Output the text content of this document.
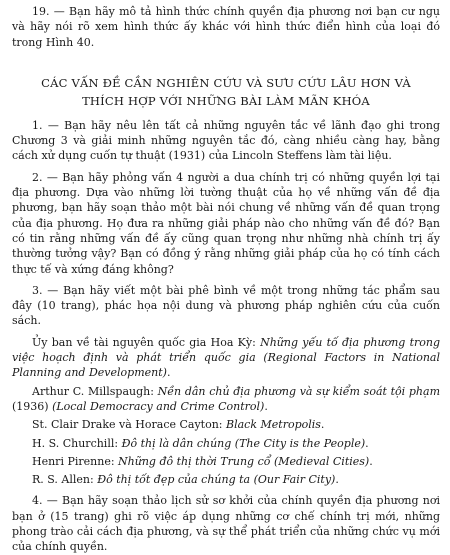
19. — Bạn hãy mô tả hình thức chính quyền địa phương nơi bạn cư ngụ và hãy nói rõ xem hình thức ấy khác với hình thức điển hình của loại đó trong Hình 40.

CÁC VẤN ĐỀ CẦN NGHIÊN CỨU VÀ SƯU CỨU LÂU HƠN VÀ
THÍCH HỢP VỚI NHỮNG BÀI LÀM MÃN KHÓA

1. — Bạn hãy nêu lên tất cả những nguyên tắc về lãnh đạo ghi trong Chương 3 và giải minh những nguyên tắc đó, càng nhiều càng hay, bằng cách xử dụng cuốn tự thuật (1931) của Lincoln Steffens làm tài liệu.

2. — Bạn hãy phỏng vấn 4 người a dua chính trị có những quyền lợi tại địa phương. Dựa vào những lời tường thuật của họ về những vấn đề địa phương, bạn hãy soạn thảo một bài nói chung về những vấn đề quan trọng của địa phương. Họ đưa ra những giải pháp nào cho những vấn đề đó? Bạn có tin rằng những vấn đề ấy cũng quan trọng như những nhà chính trị ấy thường tưởng vậy? Bạn có đồng ý rằng những giải pháp của họ có tính cách thực tế và xứng đáng không?

3. — Bạn hãy viết một bài phê bình về một trong những tác phẩm sau đây (10 trang), phác họa nội dung và phương pháp nghiên cứu của cuốn sách.

Ủy ban về tài nguyên quốc gia Hoa Kỳ: Những yếu tố địa phương trong việc hoạch định và phát triển quốc gia (Regional Factors in National Planning and Development).

Arthur C. Millspaugh: Nền dân chủ địa phương và sự kiểm soát tội phạm (1936) (Local Democracy and Crime Control).

St. Clair Drake và Horace Cayton: Black Metropolis.

H. S. Churchill: Đô thị là dân chúng (The City is the People).

Henri Pirenne: Những đô thị thời Trung cổ (Medieval Cities).

R. S. Allen: Đô thị tốt đẹp của chúng ta (Our Fair City).

4. — Bạn hãy soạn thảo lịch sử sơ khởi của chính quyền địa phương nơi bạn ở (15 trang) ghi rõ việc áp dụng những cơ chế chính trị mới, những phong trào cải cách địa phương, và sự thể phát triển của những chức vụ mới của chính quyền.
